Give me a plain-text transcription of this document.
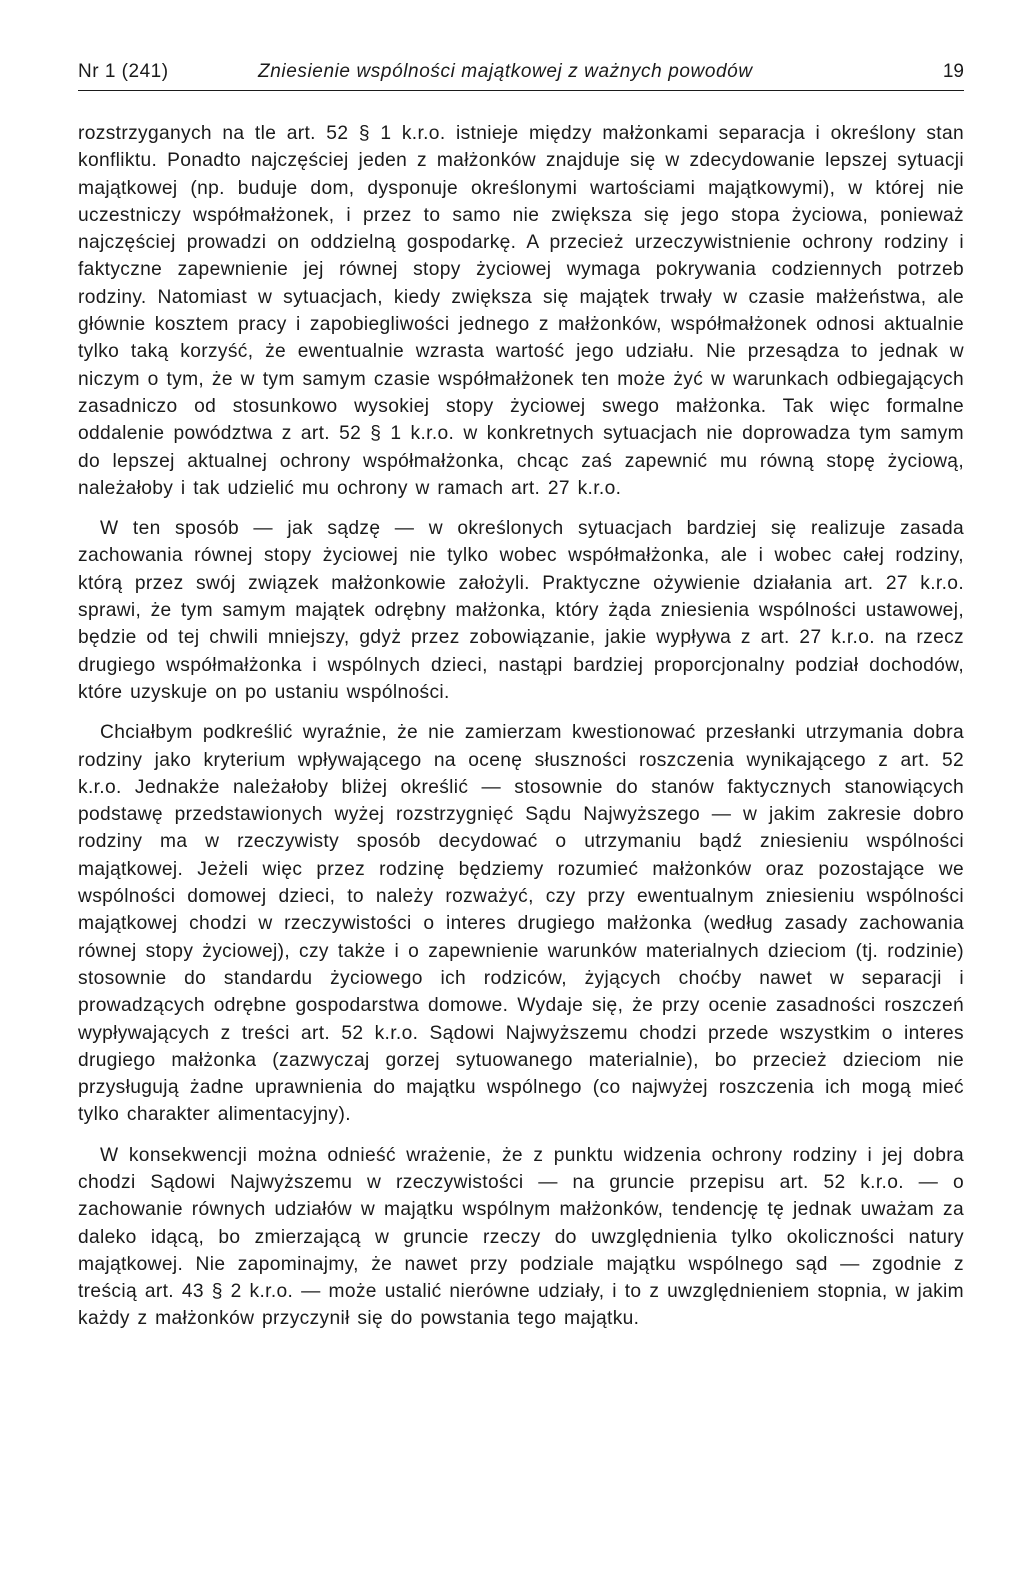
Nr 1 (241)	Zniesienie wspólności majątkowej z ważnych powodów	19

rozstrzyganych na tle art. 52 § 1 k.r.o. istnieje między małżonkami separacja i określony stan konfliktu. Ponadto najczęściej jeden z małżonków znajduje się w zdecydowanie lepszej sytuacji majątkowej (np. buduje dom, dysponuje określonymi wartościami majątkowymi), w której nie uczestniczy współmałżonek, i przez to samo nie zwiększa się jego stopa życiowa, ponieważ najczęściej prowadzi on oddzielną gospodarkę. A przecież urzeczywistnienie ochrony rodziny i faktyczne zapewnienie jej równej stopy życiowej wymaga pokrywania codziennych potrzeb rodziny. Natomiast w sytuacjach, kiedy zwiększa się majątek trwały w czasie małżeństwa, ale głównie kosztem pracy i zapobiegliwości jednego z małżonków, współmałżonek odnosi aktualnie tylko taką korzyść, że ewentualnie wzrasta wartość jego udziału. Nie przesądza to jednak w niczym o tym, że w tym samym czasie współmałżonek ten może żyć w warunkach odbiegających zasadniczo od stosunkowo wysokiej stopy życiowej swego małżonka. Tak więc formalne oddalenie powództwa z art. 52 § 1 k.r.o. w konkretnych sytuacjach nie doprowadza tym samym do lepszej aktualnej ochrony współmałżonka, chcąc zaś zapewnić mu równą stopę życiową, należałoby i tak udzielić mu ochrony w ramach art. 27 k.r.o.

W ten sposób — jak sądzę — w określonych sytuacjach bardziej się realizuje zasada zachowania równej stopy życiowej nie tylko wobec współmałżonka, ale i wobec całej rodziny, którą przez swój związek małżonkowie założyli. Praktyczne ożywienie działania art. 27 k.r.o. sprawi, że tym samym majątek odrębny małżonka, który żąda zniesienia wspólności ustawowej, będzie od tej chwili mniejszy, gdyż przez zobowiązanie, jakie wypływa z art. 27 k.r.o. na rzecz drugiego współmałżonka i wspólnych dzieci, nastąpi bardziej proporcjonalny podział dochodów, które uzyskuje on po ustaniu wspólności.

Chciałbym podkreślić wyraźnie, że nie zamierzam kwestionować przesłanki utrzymania dobra rodziny jako kryterium wpływającego na ocenę słuszności roszczenia wynikającego z art. 52 k.r.o. Jednakże należałoby bliżej określić — stosownie do stanów faktycznych stanowiących podstawę przedstawionych wyżej rozstrzygnięć Sądu Najwyższego — w jakim zakresie dobro rodziny ma w rzeczywisty sposób decydować o utrzymaniu bądź zniesieniu wspólności majątkowej. Jeżeli więc przez rodzinę będziemy rozumieć małżonków oraz pozostające we wspólności domowej dzieci, to należy rozważyć, czy przy ewentualnym zniesieniu wspólności majątkowej chodzi w rzeczywistości o interes drugiego małżonka (według zasady zachowania równej stopy życiowej), czy także i o zapewnienie warunków materialnych dzieciom (tj. rodzinie) stosownie do standardu życiowego ich rodziców, żyjących choćby nawet w separacji i prowadzących odrębne gospodarstwa domowe. Wydaje się, że przy ocenie zasadności roszczeń wypływających z treści art. 52 k.r.o. Sądowi Najwyższemu chodzi przede wszystkim o interes drugiego małżonka (zazwyczaj gorzej sytuowanego materialnie), bo przecież dzieciom nie przysługują żadne uprawnienia do majątku wspólnego (co najwyżej roszczenia ich mogą mieć tylko charakter alimentacyjny).

W konsekwencji można odnieść wrażenie, że z punktu widzenia ochrony rodziny i jej dobra chodzi Sądowi Najwyższemu w rzeczywistości — na gruncie przepisu art. 52 k.r.o. — o zachowanie równych udziałów w majątku wspólnym małżonków, tendencję tę jednak uważam za daleko idącą, bo zmierzającą w gruncie rzeczy do uwzględnienia tylko okoliczności natury majątkowej. Nie zapominajmy, że nawet przy podziale majątku wspólnego sąd — zgodnie z treścią art. 43 § 2 k.r.o. — może ustalić nierówne udziały, i to z uwzględnieniem stopnia, w jakim każdy z małżonków przyczynił się do powstania tego majątku.
